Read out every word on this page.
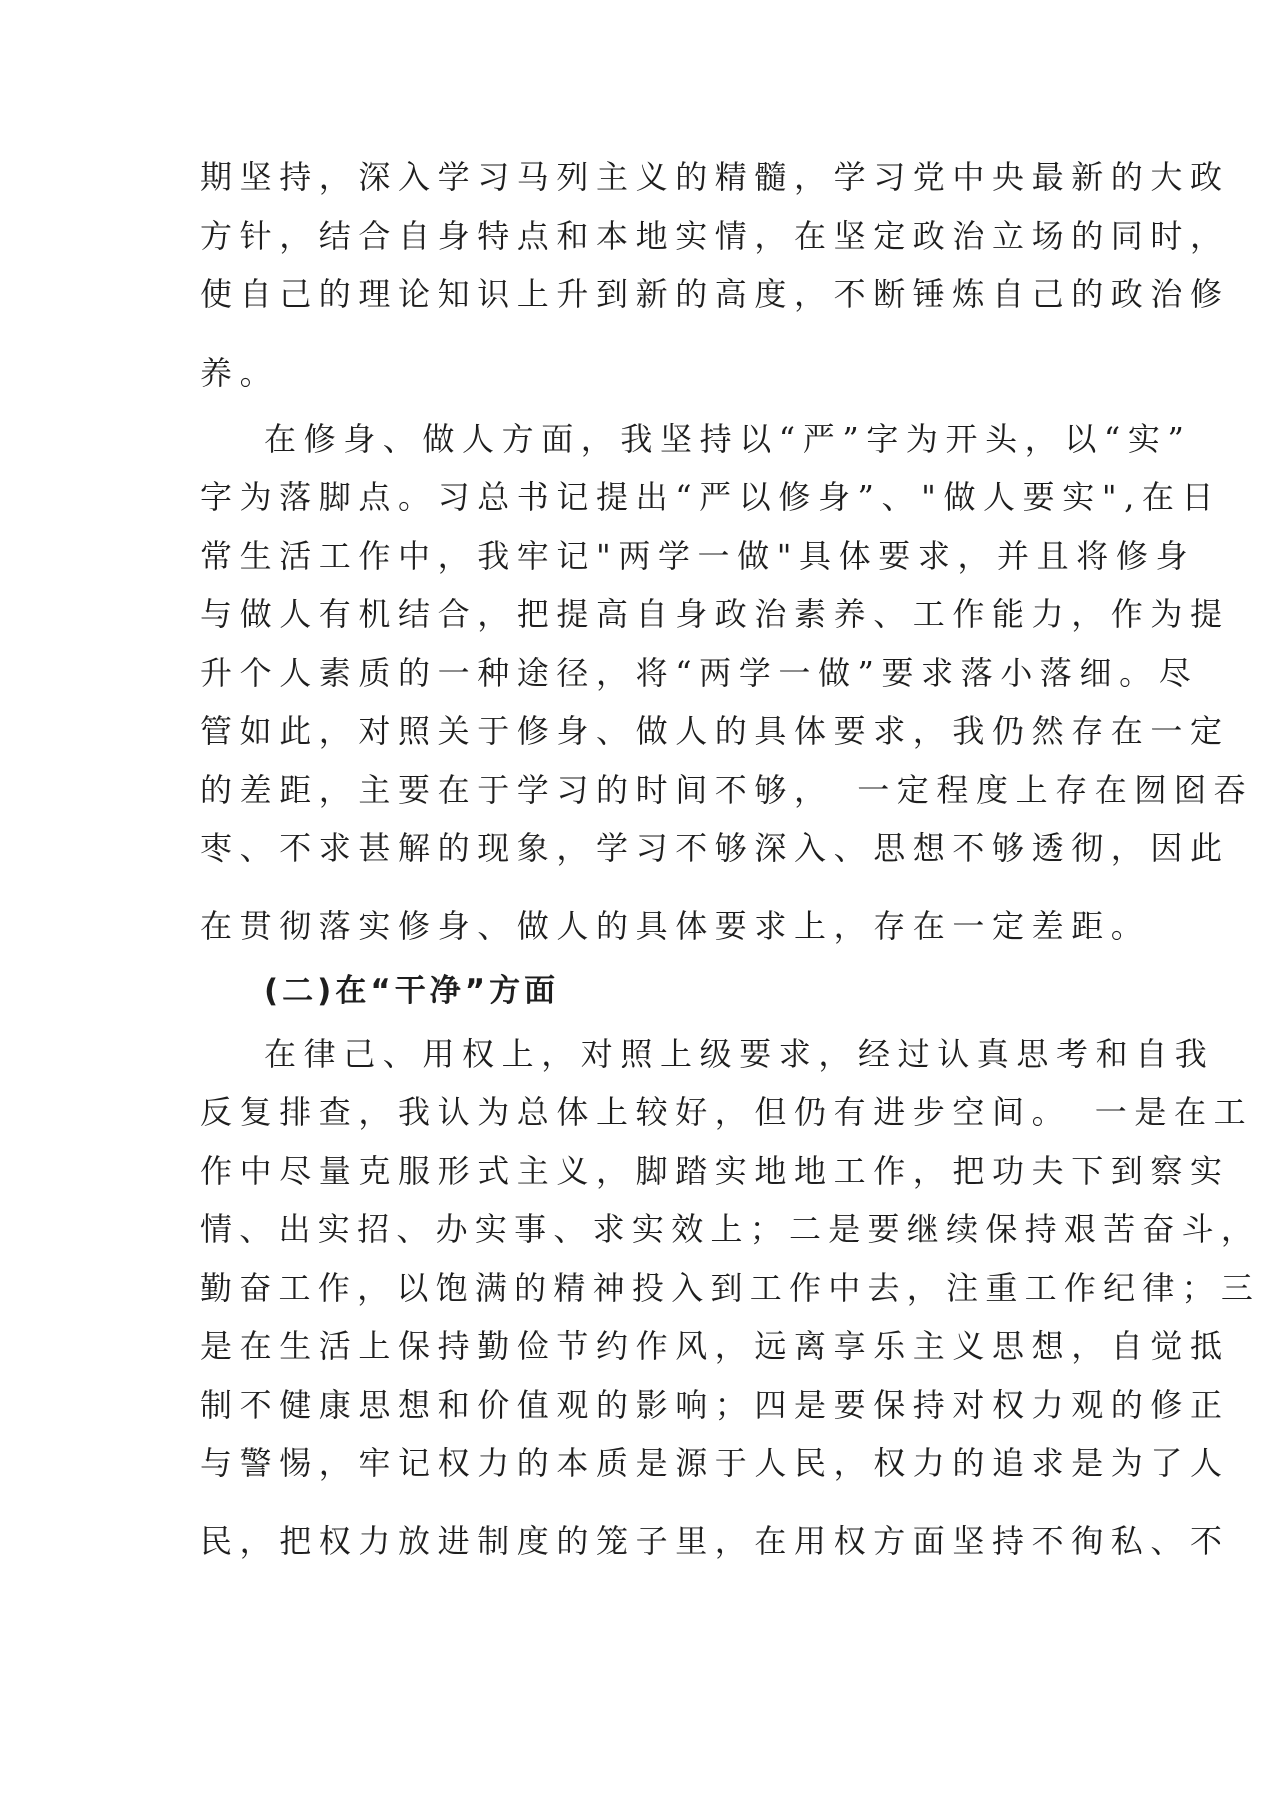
期坚持，深入学习马列主义的精髓，学习党中央最新的大政
方针，结合自身特点和本地实情，在坚定政治立场的同时，
使自己的理论知识上升到新的高度，不断锤炼自己的政治修
养。
在修身、做人方面，我坚持以“严”字为开头，以“实”
字为落脚点。习总书记提出“严以修身”、"做人要实",在日
常生活工作中，我牢记"两学一做"具体要求，并且将修身
与做人有机结合，把提高自身政治素养、工作能力，作为提
升个人素质的一种途径，将“两学一做”要求落小落细。尽
管如此，对照关于修身、做人的具体要求，我仍然存在一定
的差距，主要在于学习的时间不够，　一定程度上存在囫囵吞
枣、不求甚解的现象，学习不够深入、思想不够透彻，因此
在贯彻落实修身、做人的具体要求上，存在一定差距。
(二)在“干净”方面
在律己、用权上，对照上级要求，经过认真思考和自我
反复排查，我认为总体上较好，但仍有进步空间。　一是在工
作中尽量克服形式主义，脚踏实地地工作，把功夫下到察实
情、出实招、办实事、求实效上；二是要继续保持艰苦奋斗，
勤奋工作，以饱满的精神投入到工作中去，注重工作纪律；三
是在生活上保持勤俭节约作风，远离享乐主义思想，自觉抵
制不健康思想和价值观的影响；四是要保持对权力观的修正
与警惕，牢记权力的本质是源于人民，权力的追求是为了人
民，把权力放进制度的笼子里，在用权方面坚持不徇私、不
